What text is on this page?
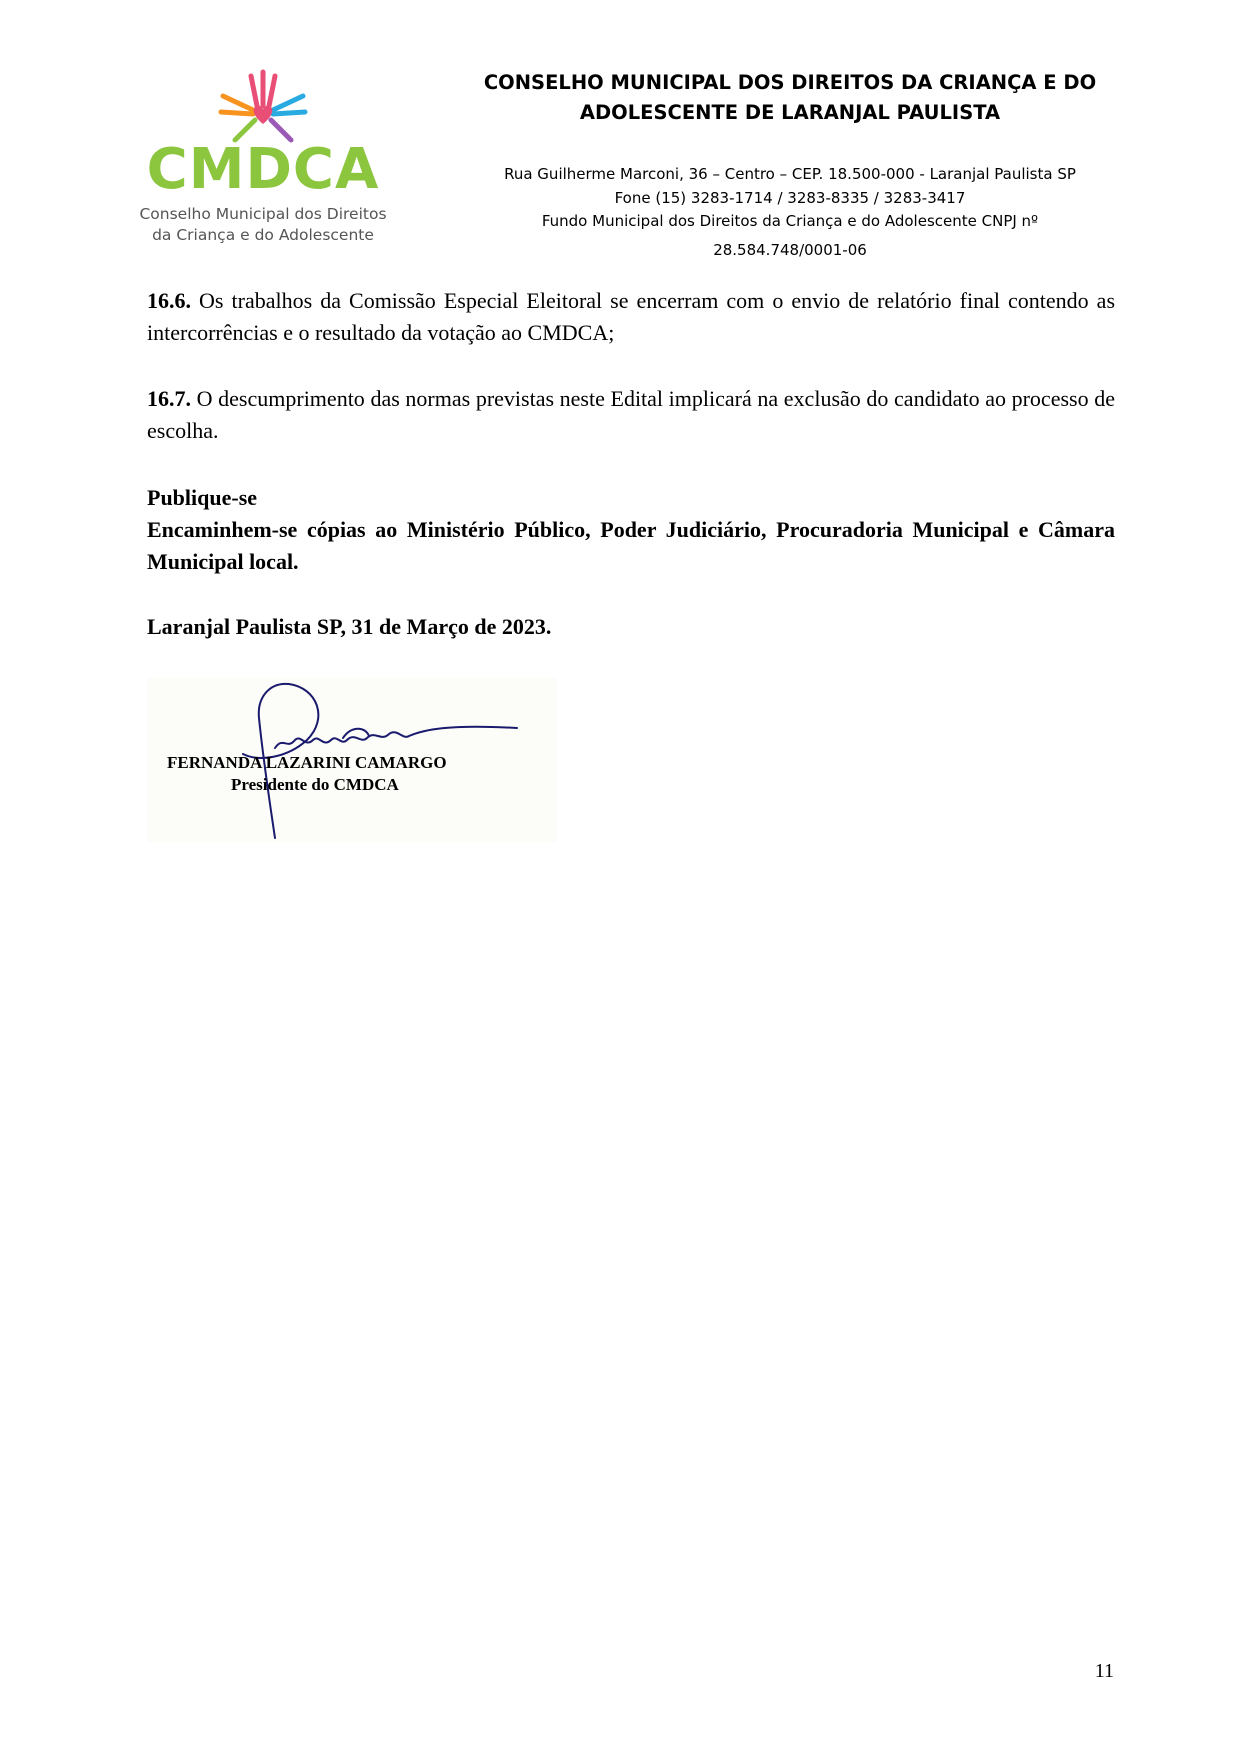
CMDCA
Conselho Municipal dos Direitos
da Criança e do Adolescente
CONSELHO MUNICIPAL DOS DIREITOS DA CRIANÇA E DO ADOLESCENTE DE LARANJAL PAULISTA
Rua Guilherme Marconi, 36 – Centro – CEP. 18.500-000 - Laranjal Paulista SP
Fone (15) 3283-1714 / 3283-8335 / 3283-3417
Fundo Municipal dos Direitos da Criança e do Adolescente CNPJ nº
28.584.748/0001-06

16.6. Os trabalhos da Comissão Especial Eleitoral se encerram com o envio de relatório final contendo as intercorrências e o resultado da votação ao CMDCA;

16.7. O descumprimento das normas previstas neste Edital implicará na exclusão do candidato ao processo de escolha.

Publique-se

Encaminhem-se cópias ao Ministério Público, Poder Judiciário, Procuradoria Municipal e Câmara Municipal local.

Laranjal Paulista SP, 31 de Março de 2023.

FERNANDA LAZARINI CAMARGO
Presidente do CMDCA
11
